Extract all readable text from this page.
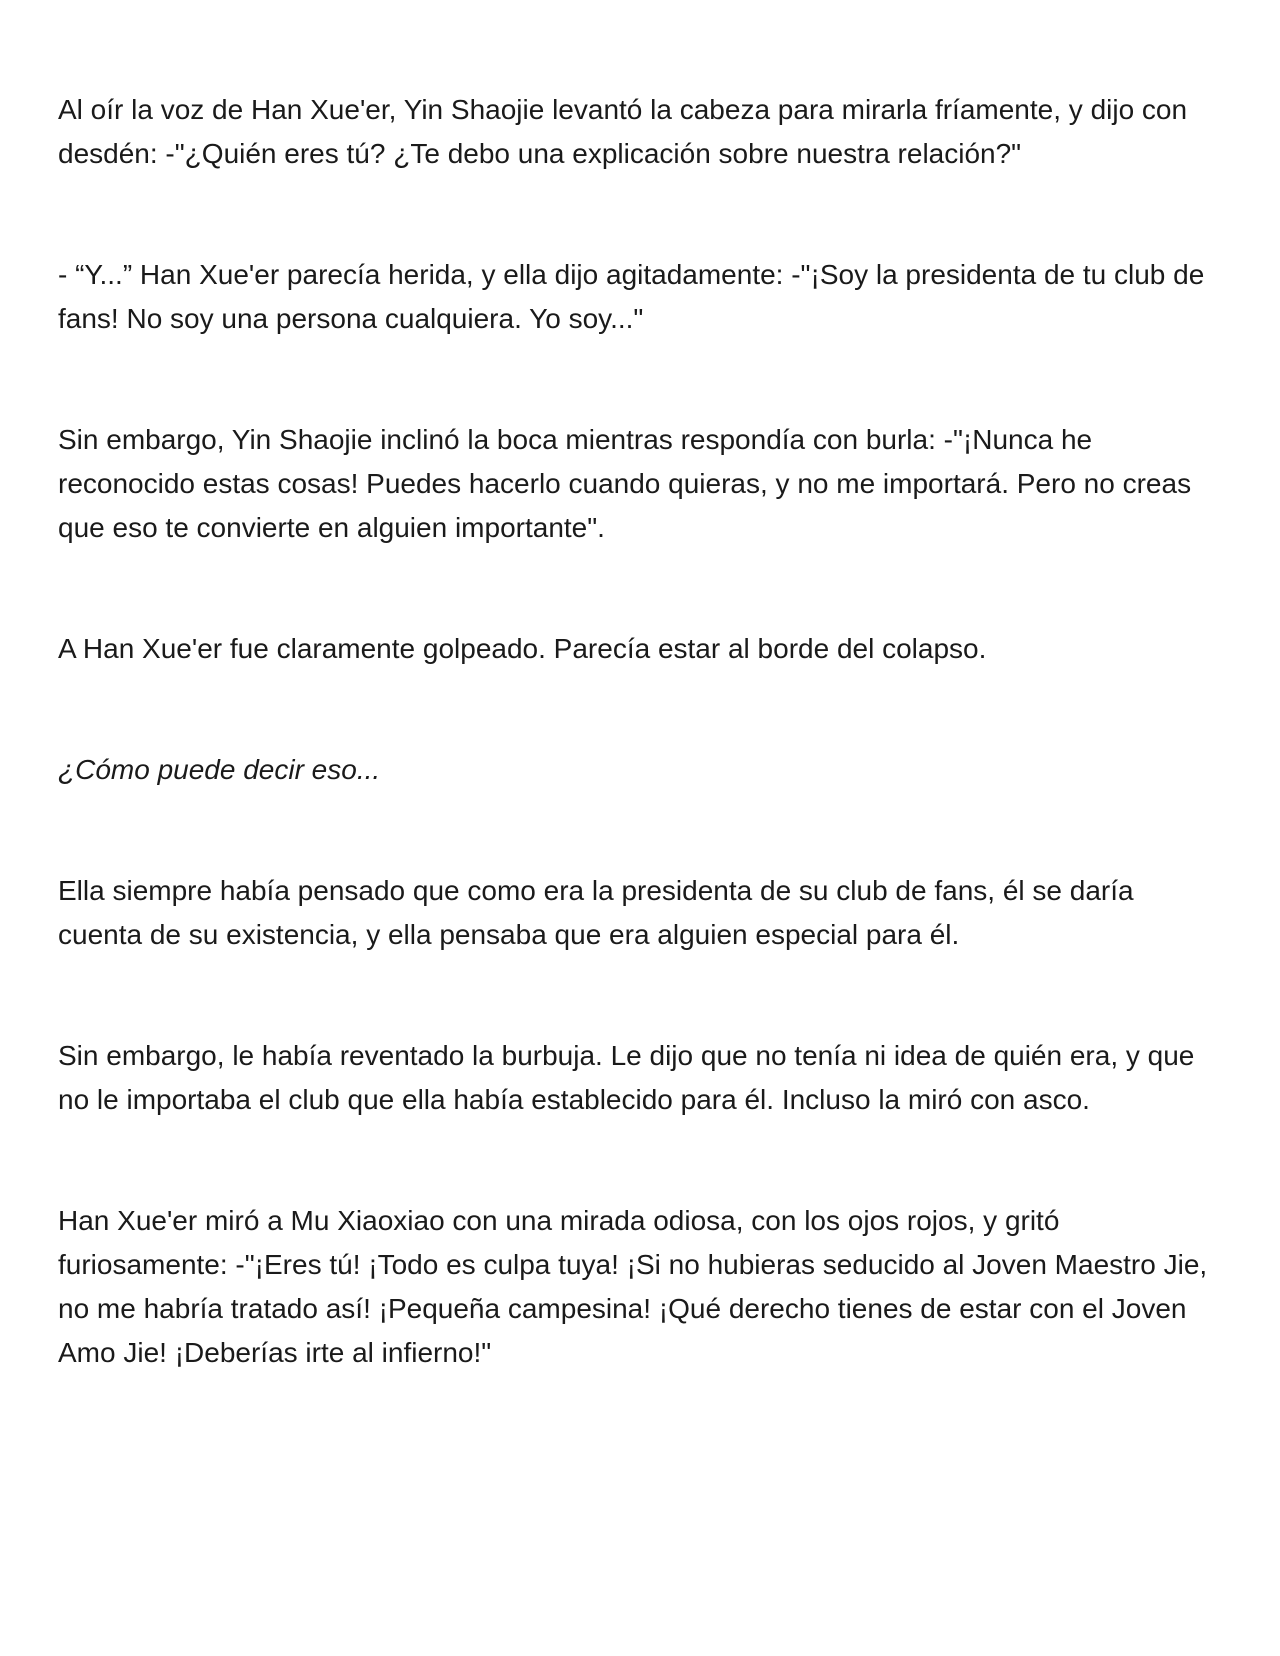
Al oír la voz de Han Xue'er, Yin Shaojie levantó la cabeza para mirarla fríamente, y dijo con desdén: -"¿Quién eres tú? ¿Te debo una explicación sobre nuestra relación?"

- “Y...” Han Xue'er parecía herida, y ella dijo agitadamente: -"¡Soy la presidenta de tu club de fans! No soy una persona cualquiera. Yo soy..."

Sin embargo, Yin Shaojie inclinó la boca mientras respondía con burla: -"¡Nunca he reconocido estas cosas! Puedes hacerlo cuando quieras, y no me importará. Pero no creas que eso te convierte en alguien importante".

A Han Xue'er fue claramente golpeado. Parecía estar al borde del colapso.

¿Cómo puede decir eso...

Ella siempre había pensado que como era la presidenta de su club de fans, él se daría cuenta de su existencia, y ella pensaba que era alguien especial para él.

Sin embargo, le había reventado la burbuja. Le dijo que no tenía ni idea de quién era, y que no le importaba el club que ella había establecido para él. Incluso la miró con asco.

Han Xue'er miró a Mu Xiaoxiao con una mirada odiosa, con los ojos rojos, y gritó furiosamente: -"¡Eres tú! ¡Todo es culpa tuya! ¡Si no hubieras seducido al Joven Maestro Jie, no me habría tratado así! ¡Pequeña campesina! ¡Qué derecho tienes de estar con el Joven Amo Jie! ¡Deberías irte al infierno!"
